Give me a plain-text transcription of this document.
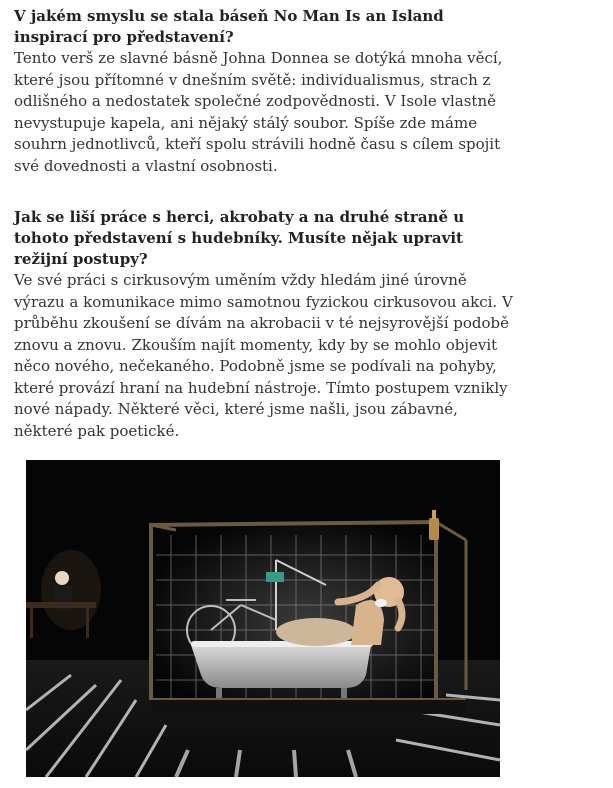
V jakém smyslu se stala báseň No Man Is an Island inspirací pro představení?

Tento verš ze slavné básně Johna Donnea se dotýká mnoha věcí, které jsou přítomné v dnešním světě: individualismus, strach z odlišného a nedostatek společné zodpovědnosti. V Isole vlastně nevystupuje kapela, ani nějaký stálý soubor. Spíše zde máme souhrn jednotlivců, kteří spolu strávili hodně času s cílem spojit své dovednosti a vlastní osobnosti.

Jak se liší práce s herci, akrobaty a na druhé straně u tohoto představení s hudebníky. Musíte nějak upravit režijní postupy?

Ve své práci s cirkusovým uměním vždy hledám jiné úrovně výrazu a komunikace mimo samotnou fyzickou cirkusovou akci. V průběhu zkoušení se dívám na akrobacii v té nejsyrovější podobě znovu a znovu. Zkouším najít momenty, kdy by se mohlo objevit něco nového, nečekaného. Podobně jsme se podívali na pohyby, které provází hraní na hudební nástroje. Tímto postupem vznikly nové nápady. Některé věci, které jsme našli, jsou zábavné, některé pak poetické.
